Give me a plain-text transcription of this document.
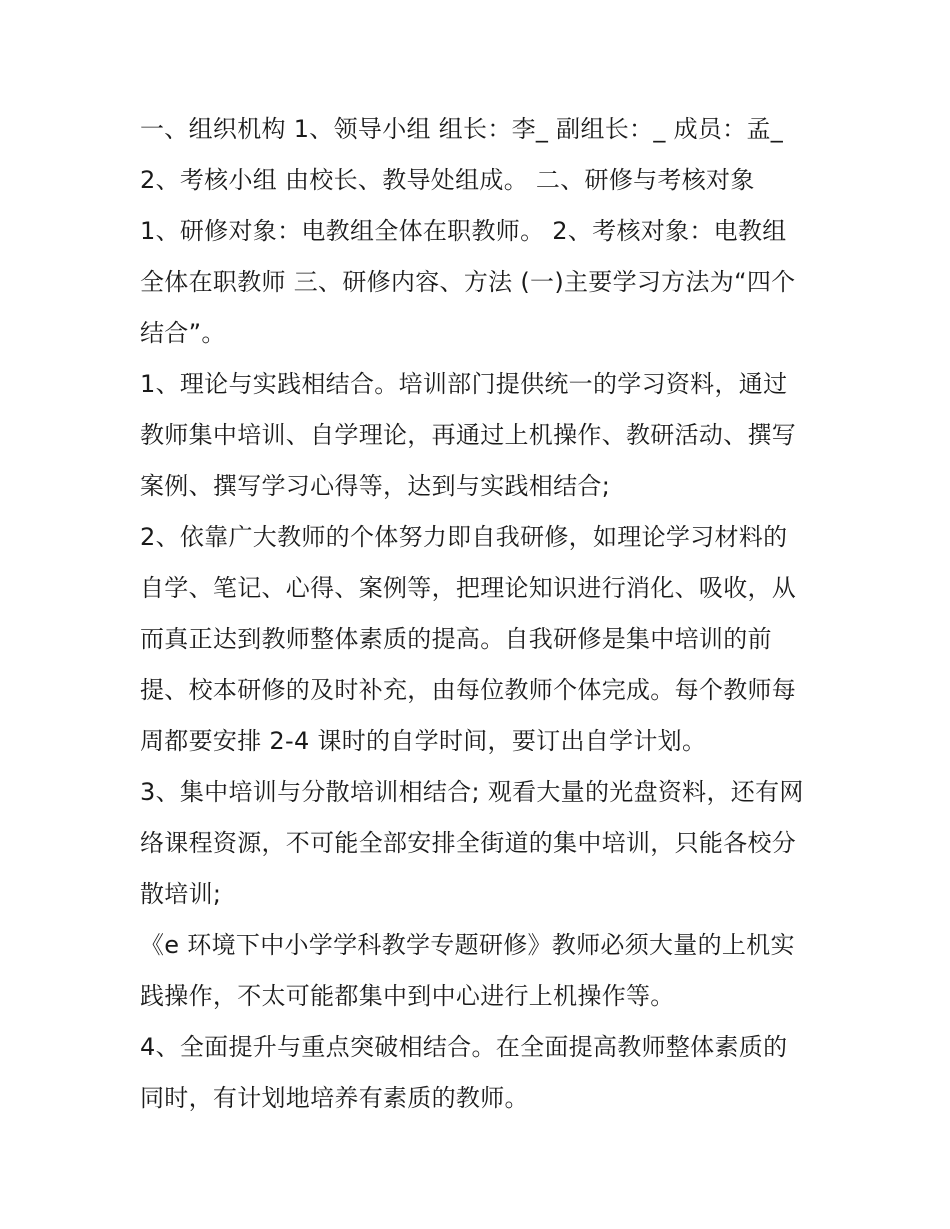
一、组织机构 1、领导小组 组长：李_ 副组长：_ 成员：孟_
2、考核小组 由校长、教导处组成。 二、研修与考核对象
1、研修对象：电教组全体在职教师。 2、考核对象：电教组
全体在职教师 三、研修内容、方法 (一)主要学习方法为“四个
结合”。
1、理论与实践相结合。培训部门提供统一的学习资料，通过
教师集中培训、自学理论，再通过上机操作、教研活动、撰写
案例、撰写学习心得等，达到与实践相结合;
2、依靠广大教师的个体努力即自我研修，如理论学习材料的
自学、笔记、心得、案例等，把理论知识进行消化、吸收，从
而真正达到教师整体素质的提高。自我研修是集中培训的前
提、校本研修的及时补充，由每位教师个体完成。每个教师每
周都要安排 2-4 课时的自学时间，要订出自学计划。
3、集中培训与分散培训相结合; 观看大量的光盘资料，还有网
络课程资源，不可能全部安排全街道的集中培训，只能各校分
散培训;
《e 环境下中小学学科教学专题研修》教师必须大量的上机实
践操作，不太可能都集中到中心进行上机操作等。
4、全面提升与重点突破相结合。在全面提高教师整体素质的
同时，有计划地培养有素质的教师。
